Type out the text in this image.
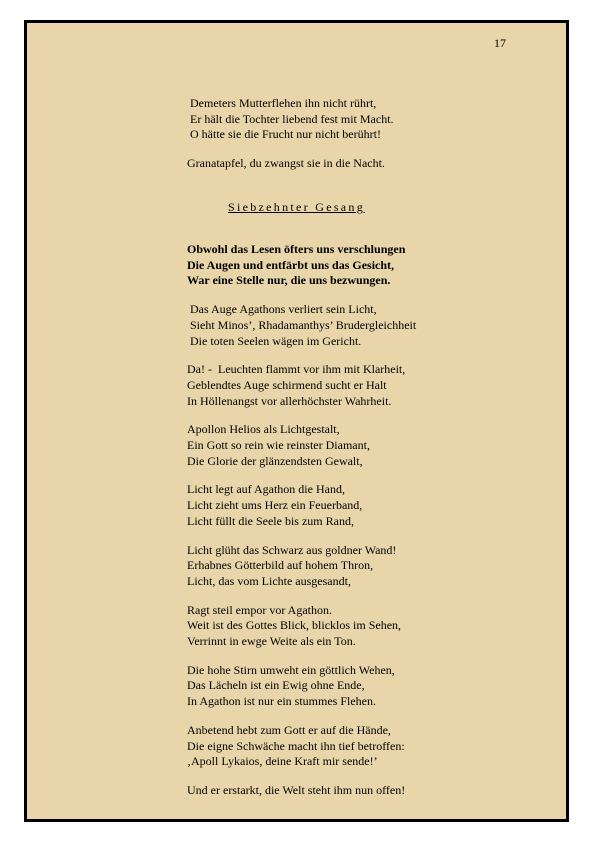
17
Demeters Mutterflehen ihn nicht rührt,
Er hält die Tochter liebend fest mit Macht.
O hätte sie die Frucht nur nicht berührt!
Granatapfel, du zwangst sie in die Nacht.
Siebzehnter Gesang
Obwohl das Lesen öfters uns verschlungen
Die Augen und entfärbt uns das Gesicht,
War eine Stelle nur, die uns bezwungen.
Das Auge Agathons verliert sein Licht,
Sieht Minos’, Rhadamanthys’ Brudergleichheit
Die toten Seelen wägen im Gericht.
Da! -  Leuchten flammt vor ihm mit Klarheit,
Geblendtes Auge schirmend sucht er Halt
In Höllenangst vor allerhöchster Wahrheit.
Apollon Helios als Lichtgestalt,
Ein Gott so rein wie reinster Diamant,
Die Glorie der glänzendsten Gewalt,
Licht legt auf Agathon die Hand,
Licht zieht ums Herz ein Feuerband,
Licht füllt die Seele bis zum Rand,
Licht glüht das Schwarz aus goldner Wand!
Erhabnes Götterbild auf hohem Thron,
Licht, das vom Lichte ausgesandt,
Ragt steil empor vor Agathon.
Weit ist des Gottes Blick, blicklos im Sehen,
Verrinnt in ewge Weite als ein Ton.
Die hohe Stirn umweht ein göttlich Wehen,
Das Lächeln ist ein Ewig ohne Ende,
In Agathon ist nur ein stummes Flehen.
Anbetend hebt zum Gott er auf die Hände,
Die eigne Schwäche macht ihn tief betroffen:
‚Apoll Lykaios, deine Kraft mir sende!’
Und er erstarkt, die Welt steht ihm nun offen!
